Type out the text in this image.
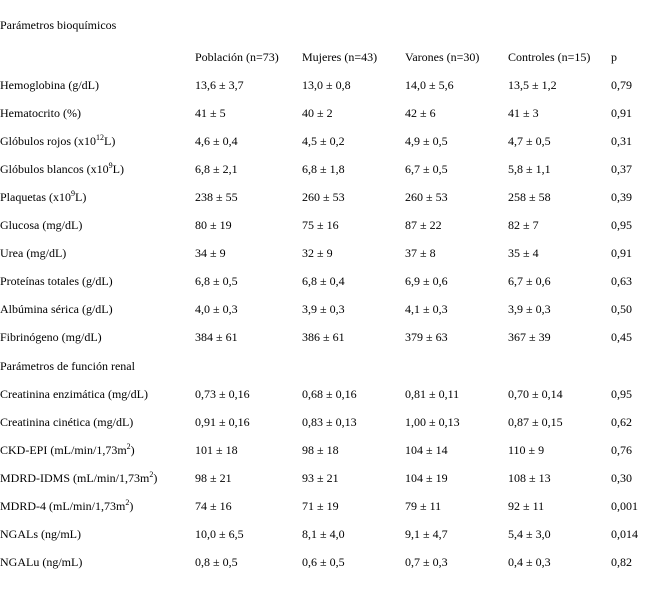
Parámetros bioquímicos					
	Población (n=73)	Mujeres (n=43)	Varones (n=30)	Controles (n=15)	p
Hemoglobina (g/dL)	13,6 ± 3,7	13,0 ± 0,8	14,0 ± 5,6	13,5 ± 1,2	0,79
Hematocrito (%)	41 ± 5	40 ± 2	42 ± 6	41 ± 3	0,91
Glóbulos rojos $(x10^{12}L)$	4,6 ± 0,4	4,5 ± 0,2	4,9 ± 0,5	4,7 ± 0,5	0,31
Glóbulos blancos $(x10^9L)$	6,8 ± 2,1	6,8 ± 1,8	6,7 ± 0,5	5,8 ± 1,1	0,37
Plaquetas $(x10^9L)$	238 ± 55	260 ± 53	260 ± 53	258 ± 58	0,39
Glucosa (mg/dL)	80 ± 19	75 ± 16	87 ± 22	82 ± 7	0,95
Urea (mg/dL)	34 ± 9	32 ± 9	37 ± 8	35 ± 4	0,91
Proteínas totales (g/dL)	6,8 ± 0,5	6,8 ± 0,4	6,9 ± 0,6	6,7 ± 0,6	0,63
Albúmina sérica (g/dL)	4,0 ± 0,3	3,9 ± 0,3	4,1 ± 0,3	3,9 ± 0,3	0,50
Fibrinógeno (mg/dL)	384 ± 61	386 ± 61	379 ± 63	367 ± 39	0,45
Parámetros de función renal					
Creatinina enzimática (mg/dL)	0,73 ± 0,16	0,68 ± 0,16	0,81 ± 0,11	0,70 ± 0,14	0,95
Creatinina cinética (mg/dL)	0,91 ± 0,16	0,83 ± 0,13	1,00 ± 0,13	0,87 ± 0,15	0,62
CKD-EPI $(mL/\min/1,73m^2)$	101 ± 18	98 ± 18	104 ± 14	110 ± 9	0,76
MDRD-IDMS $(mL/\min/1,73m^2)$	98 ± 21	93 ± 21	104 ± 19	108 ± 13	0,30
MDRD-4 $(mL/\min/1,73m^2)$	74 ± 16	71 ± 19	79 ± 11	92 ± 11	0,001
NGALs (ng/mL)	10,0 ± 6,5	8,1 ± 4,0	9,1 ± 4,7	5,4 ± 3,0	0,014
NGALu (ng/mL)	0,8 ± 0,5	0,6 ± 0,5	0,7 ± 0,3	0,4 ± 0,3	0,82
